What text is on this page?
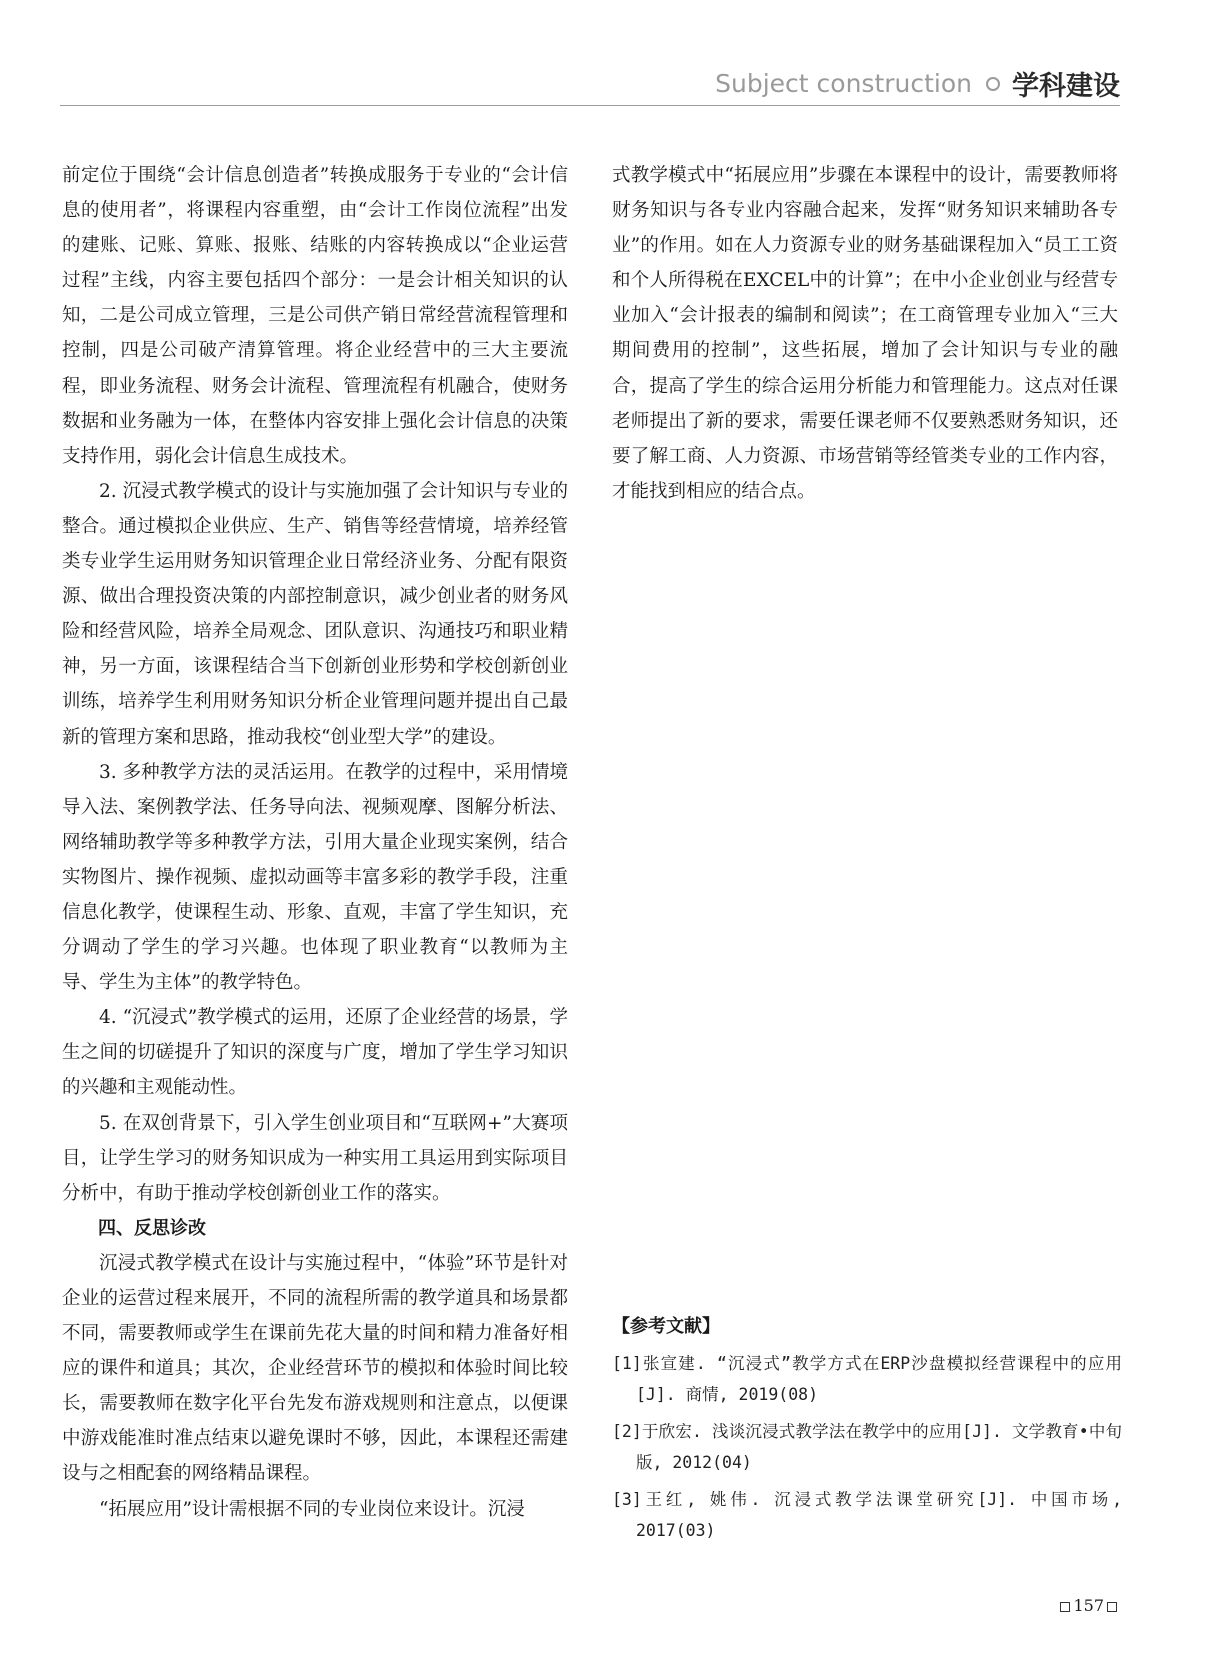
Subject construction 学科建设

前定位于围绕“会计信息创造者”转换成服务于专业的“会计信息的使用者”，将课程内容重塑，由“会计工作岗位流程”出发的建账、记账、算账、报账、结账的内容转换成以“企业运营过程”主线，内容主要包括四个部分：一是会计相关知识的认知，二是公司成立管理，三是公司供产销日常经营流程管理和控制，四是公司破产清算管理。将企业经营中的三大主要流程，即业务流程、财务会计流程、管理流程有机融合，使财务数据和业务融为一体，在整体内容安排上强化会计信息的决策支持作用，弱化会计信息生成技术。

2. 沉浸式教学模式的设计与实施加强了会计知识与专业的整合。通过模拟企业供应、生产、销售等经营情境，培养经管类专业学生运用财务知识管理企业日常经济业务、分配有限资源、做出合理投资决策的内部控制意识，减少创业者的财务风险和经营风险，培养全局观念、团队意识、沟通技巧和职业精神，另一方面，该课程结合当下创新创业形势和学校创新创业训练，培养学生利用财务知识分析企业管理问题并提出自己最新的管理方案和思路，推动我校“创业型大学”的建设。

3. 多种教学方法的灵活运用。在教学的过程中，采用情境导入法、案例教学法、任务导向法、视频观摩、图解分析法、网络辅助教学等多种教学方法，引用大量企业现实案例，结合实物图片、操作视频、虚拟动画等丰富多彩的教学手段，注重信息化教学，使课程生动、形象、直观，丰富了学生知识，充分调动了学生的学习兴趣。也体现了职业教育“以教师为主导、学生为主体”的教学特色。

4. “沉浸式”教学模式的运用，还原了企业经营的场景，学生之间的切磋提升了知识的深度与广度，增加了学生学习知识的兴趣和主观能动性。

5. 在双创背景下，引入学生创业项目和“互联网+”大赛项目，让学生学习的财务知识成为一种实用工具运用到实际项目分析中，有助于推动学校创新创业工作的落实。

四、反思诊改

沉浸式教学模式在设计与实施过程中，“体验”环节是针对企业的运营过程来展开，不同的流程所需的教学道具和场景都不同，需要教师或学生在课前先花大量的时间和精力准备好相应的课件和道具；其次，企业经营环节的模拟和体验时间比较长，需要教师在数字化平台先发布游戏规则和注意点，以便课中游戏能准时准点结束以避免课时不够，因此，本课程还需建设与之相配套的网络精品课程。

“拓展应用”设计需根据不同的专业岗位来设计。沉浸

式教学模式中“拓展应用”步骤在本课程中的设计，需要教师将财务知识与各专业内容融合起来，发挥“财务知识来辅助各专业”的作用。如在人力资源专业的财务基础课程加入“员工工资和个人所得税在EXCEL中的计算”；在中小企业创业与经营专业加入“会计报表的编制和阅读”；在工商管理专业加入“三大期间费用的控制”，这些拓展，增加了会计知识与专业的融合，提高了学生的综合运用分析能力和管理能力。这点对任课老师提出了新的要求，需要任课老师不仅要熟悉财务知识，还要了解工商、人力资源、市场营销等经管类专业的工作内容，才能找到相应的结合点。

【参考文献】
[1]张宣建. “沉浸式”教学方式在ERP沙盘模拟经营课程中的应用[J]. 商情, 2019(08)
[2]于欣宏. 浅谈沉浸式教学法在教学中的应用[J]. 文学教育•中旬版, 2012(04)
[3]王红, 姚伟. 沉浸式教学法课堂研究[J]. 中国市场, 2017(03)
157
